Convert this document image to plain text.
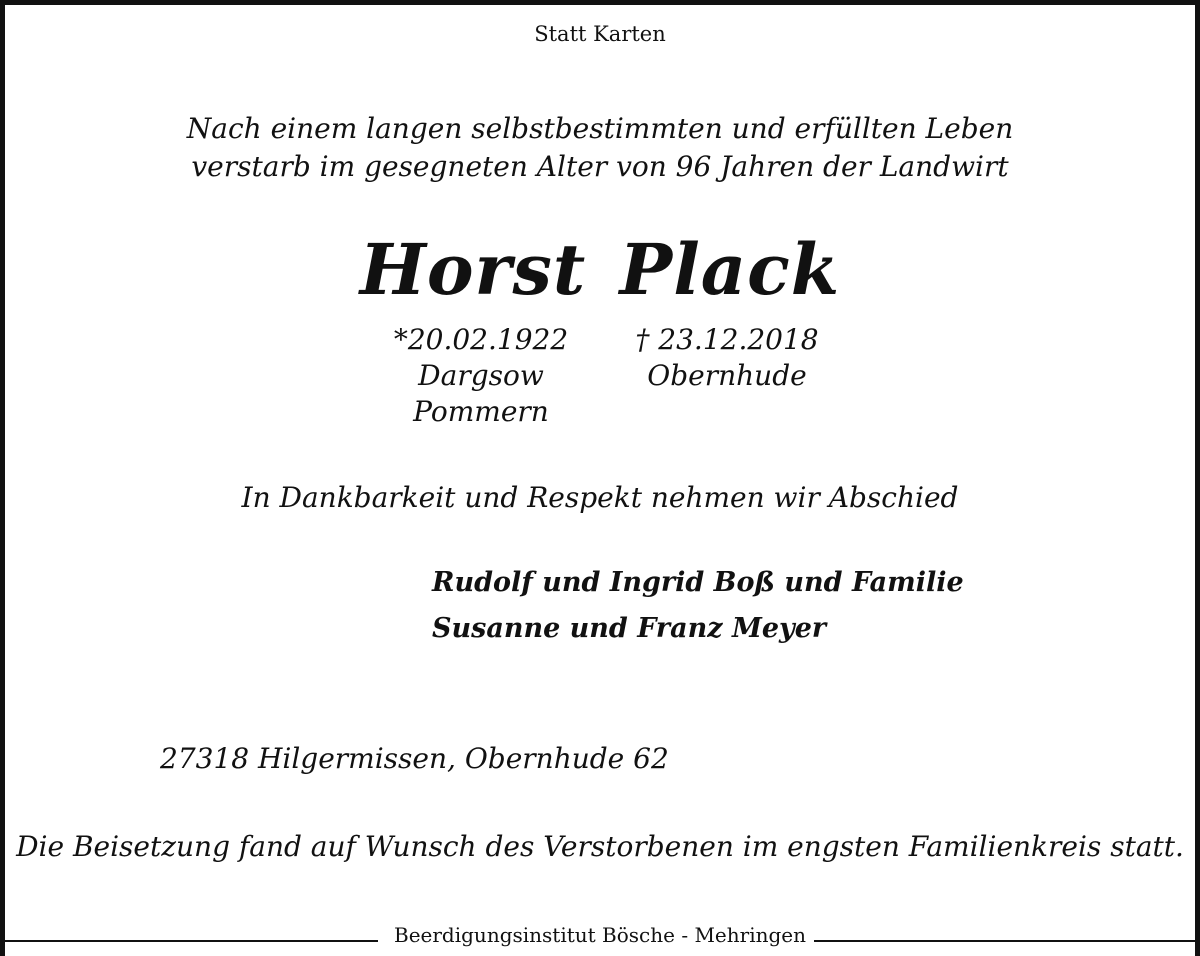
Statt Karten
Nach einem langen selbstbestimmten und erfüllten Leben
verstarb im gesegneten Alter von 96 Jahren der Landwirt
Horst Plack
*20.02.1922
Dargsow
Pommern
† 23.12.2018
Obernhude
In Dankbarkeit und Respekt nehmen wir Abschied
Rudolf und Ingrid Boß und Familie
Susanne und Franz Meyer
27318 Hilgermissen, Obernhude 62
Die Beisetzung fand auf Wunsch des Verstorbenen im engsten Familienkreis statt.
Beerdigungsinstitut Bösche - Mehringen
